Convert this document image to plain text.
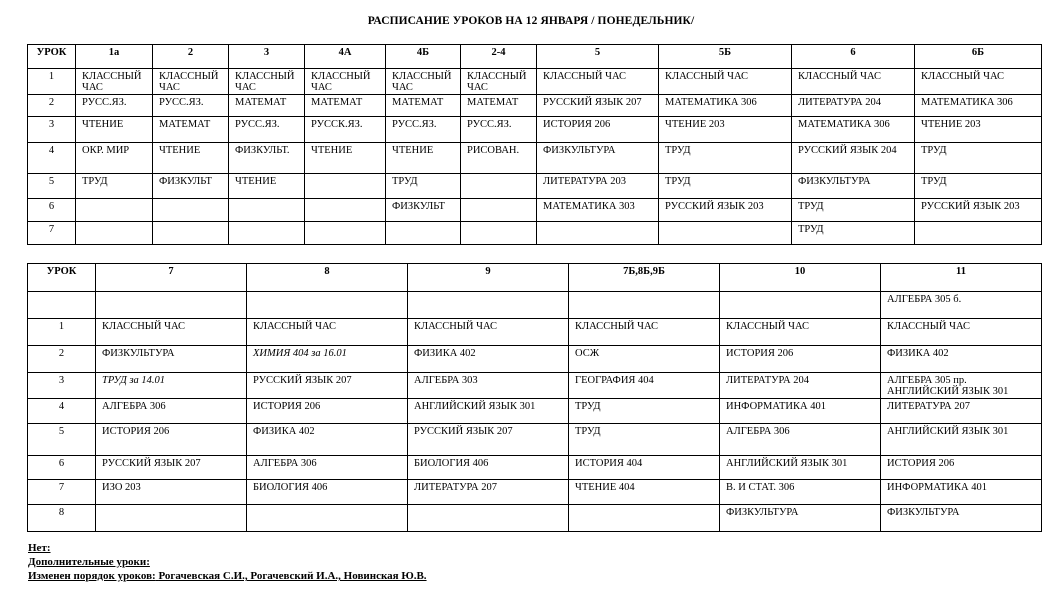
РАСПИСАНИЕ УРОКОВ НА 12 ЯНВАРЯ / ПОНЕДЕЛЬНИК/
УРОК	1а	2	3	4А	4Б	2-4	5	5Б	6	6Б
1	КЛАССНЫЙ ЧАС	КЛАССНЫЙ ЧАС	КЛАССНЫЙ ЧАС	КЛАССНЫЙ ЧАС	КЛАССНЫЙ ЧАС	КЛАССНЫЙ ЧАС	КЛАССНЫЙ ЧАС	КЛАССНЫЙ ЧАС	КЛАССНЫЙ ЧАС	КЛАССНЫЙ ЧАС
2	РУСС.ЯЗ.	РУСС.ЯЗ.	МАТЕМАТ	МАТЕМАТ	МАТЕМАТ	МАТЕМАТ	РУССКИЙ ЯЗЫК 207	МАТЕМАТИКА 306	ЛИТЕРАТУРА 204	МАТЕМАТИКА 306
3	ЧТЕНИЕ	МАТЕМАТ	РУСС.ЯЗ.	РУССК.ЯЗ.	РУСС.ЯЗ.	РУСС.ЯЗ.	ИСТОРИЯ 206	ЧТЕНИЕ 203	МАТЕМАТИКА 306	ЧТЕНИЕ 203
4	ОКР. МИР	ЧТЕНИЕ	ФИЗКУЛЬТ.	ЧТЕНИЕ	ЧТЕНИЕ	РИСОВАН.	ФИЗКУЛЬТУРА	ТРУД	РУССКИЙ ЯЗЫК 204	ТРУД
5	ТРУД	ФИЗКУЛЬТ	ЧТЕНИЕ		ТРУД		ЛИТЕРАТУРА 203	ТРУД	ФИЗКУЛЬТУРА	ТРУД
6					ФИЗКУЛЬТ		МАТЕМАТИКА 303	РУССКИЙ ЯЗЫК 203	ТРУД	РУССКИЙ ЯЗЫК 203
7									ТРУД	
УРОК	7	8	9	7Б,8Б,9Б	10	11
						АЛГЕБРА 305 б.
1	КЛАССНЫЙ ЧАС	КЛАССНЫЙ ЧАС	КЛАССНЫЙ ЧАС	КЛАССНЫЙ ЧАС	КЛАССНЫЙ ЧАС	КЛАССНЫЙ ЧАС
2	ФИЗКУЛЬТУРА	ХИМИЯ 404 за 16.01	ФИЗИКА 402	ОСЖ	ИСТОРИЯ 206	ФИЗИКА 402
3	ТРУД за 14.01	РУССКИЙ ЯЗЫК 207	АЛГЕБРА 303	ГЕОГРАФИЯ 404	ЛИТЕРАТУРА 204	АЛГЕБРА 305 пр. АНГЛИЙСКИЙ ЯЗЫК 301
4	АЛГЕБРА 306	ИСТОРИЯ 206	АНГЛИЙСКИЙ ЯЗЫК 301	ТРУД	ИНФОРМАТИКА 401	ЛИТЕРАТУРА 207
5	ИСТОРИЯ 206	ФИЗИКА 402	РУССКИЙ ЯЗЫК 207	ТРУД	АЛГЕБРА 306	АНГЛИЙСКИЙ ЯЗЫК 301
6	РУССКИЙ ЯЗЫК 207	АЛГЕБРА 306	БИОЛОГИЯ 406	ИСТОРИЯ 404	АНГЛИЙСКИЙ ЯЗЫК 301	ИСТОРИЯ 206
7	ИЗО 203	БИОЛОГИЯ 406	ЛИТЕРАТУРА 207	ЧТЕНИЕ 404	В. И СТАТ. 306	ИНФОРМАТИКА 401
8					ФИЗКУЛЬТУРА	ФИЗКУЛЬТУРА
Нет:
Дополнительные уроки:
Изменен порядок уроков: Рогачевская С.И., Рогачевский И.А., Новинская Ю.В.
